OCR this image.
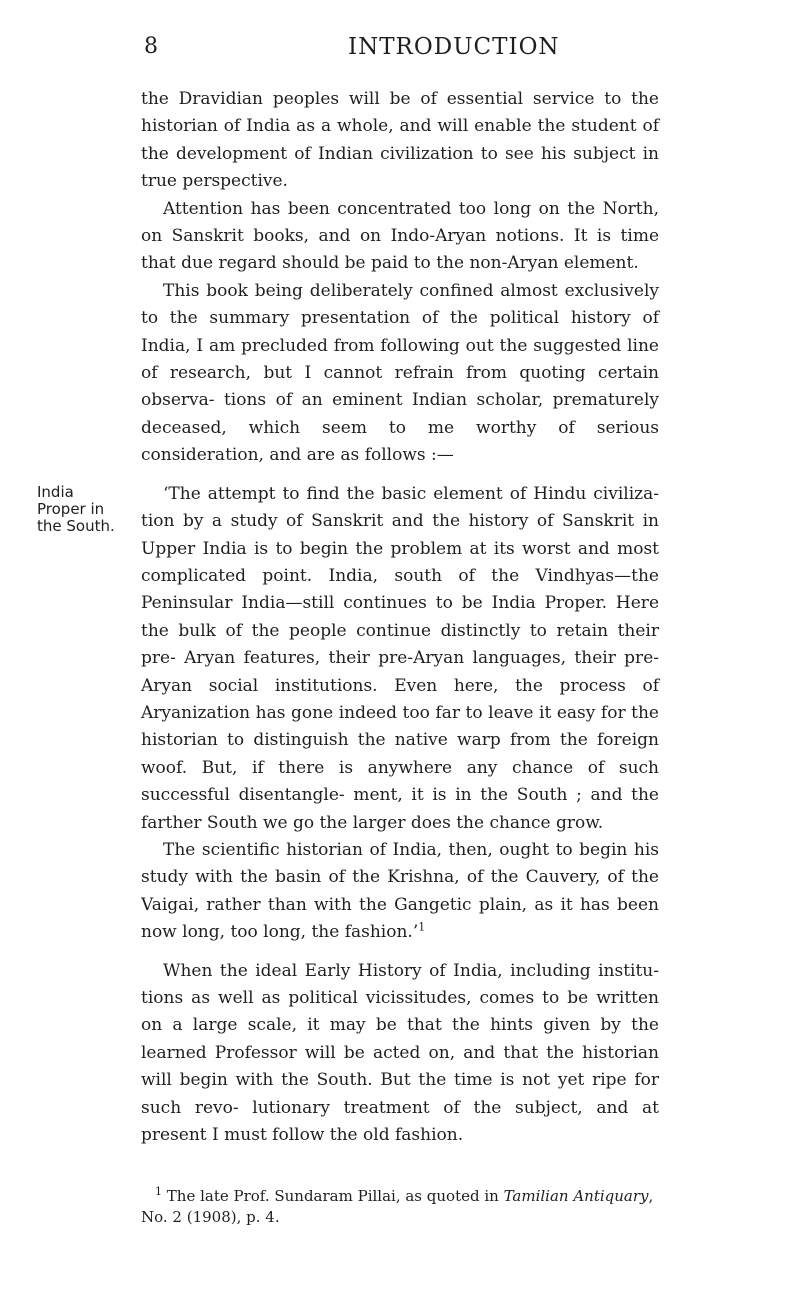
8	INTRODUCTION
India
Proper in
the South.

the Dravidian peoples will be of essential service to the historian of India as a whole, and will enable the student of the development of Indian civilization to see his subject in true perspective.

Attention has been concentrated too long on the North, on Sanskrit books, and on Indo-Aryan notions. It is time that due regard should be paid to the non-Aryan element.

This book being deliberately confined almost exclusively to the summary presentation of the political history of India, I am precluded from following out the suggested line of research, but I cannot refrain from quoting certain observa- tions of an eminent Indian scholar, prematurely deceased, which seem to me worthy of serious consideration, and are as follows :—

‘The attempt to find the basic element of Hindu civiliza- tion by a study of Sanskrit and the history of Sanskrit in Upper India is to begin the problem at its worst and most complicated point. India, south of the Vindhyas—the Peninsular India—still continues to be India Proper. Here the bulk of the people continue distinctly to retain their pre- Aryan features, their pre-Aryan languages, their pre-Aryan social institutions. Even here, the process of Aryanization has gone indeed too far to leave it easy for the historian to distinguish the native warp from the foreign woof. But, if there is anywhere any chance of such successful disentangle- ment, it is in the South ; and the farther South we go the larger does the chance grow.

The scientific historian of India, then, ought to begin his study with the basin of the Krishna, of the Cauvery, of the Vaigai, rather than with the Gangetic plain, as it has been now long, too long, the fashion.’$^1$

When the ideal Early History of India, including institu- tions as well as political vicissitudes, comes to be written on a large scale, it may be that the hints given by the learned Professor will be acted on, and that the historian will begin with the South. But the time is not yet ripe for such revo- lutionary treatment of the subject, and at present I must follow the old fashion.

$^1$ The late Prof. Sundaram Pillai, as quoted in Tamilian Antiquary, No. 2 (1908), p. 4.
